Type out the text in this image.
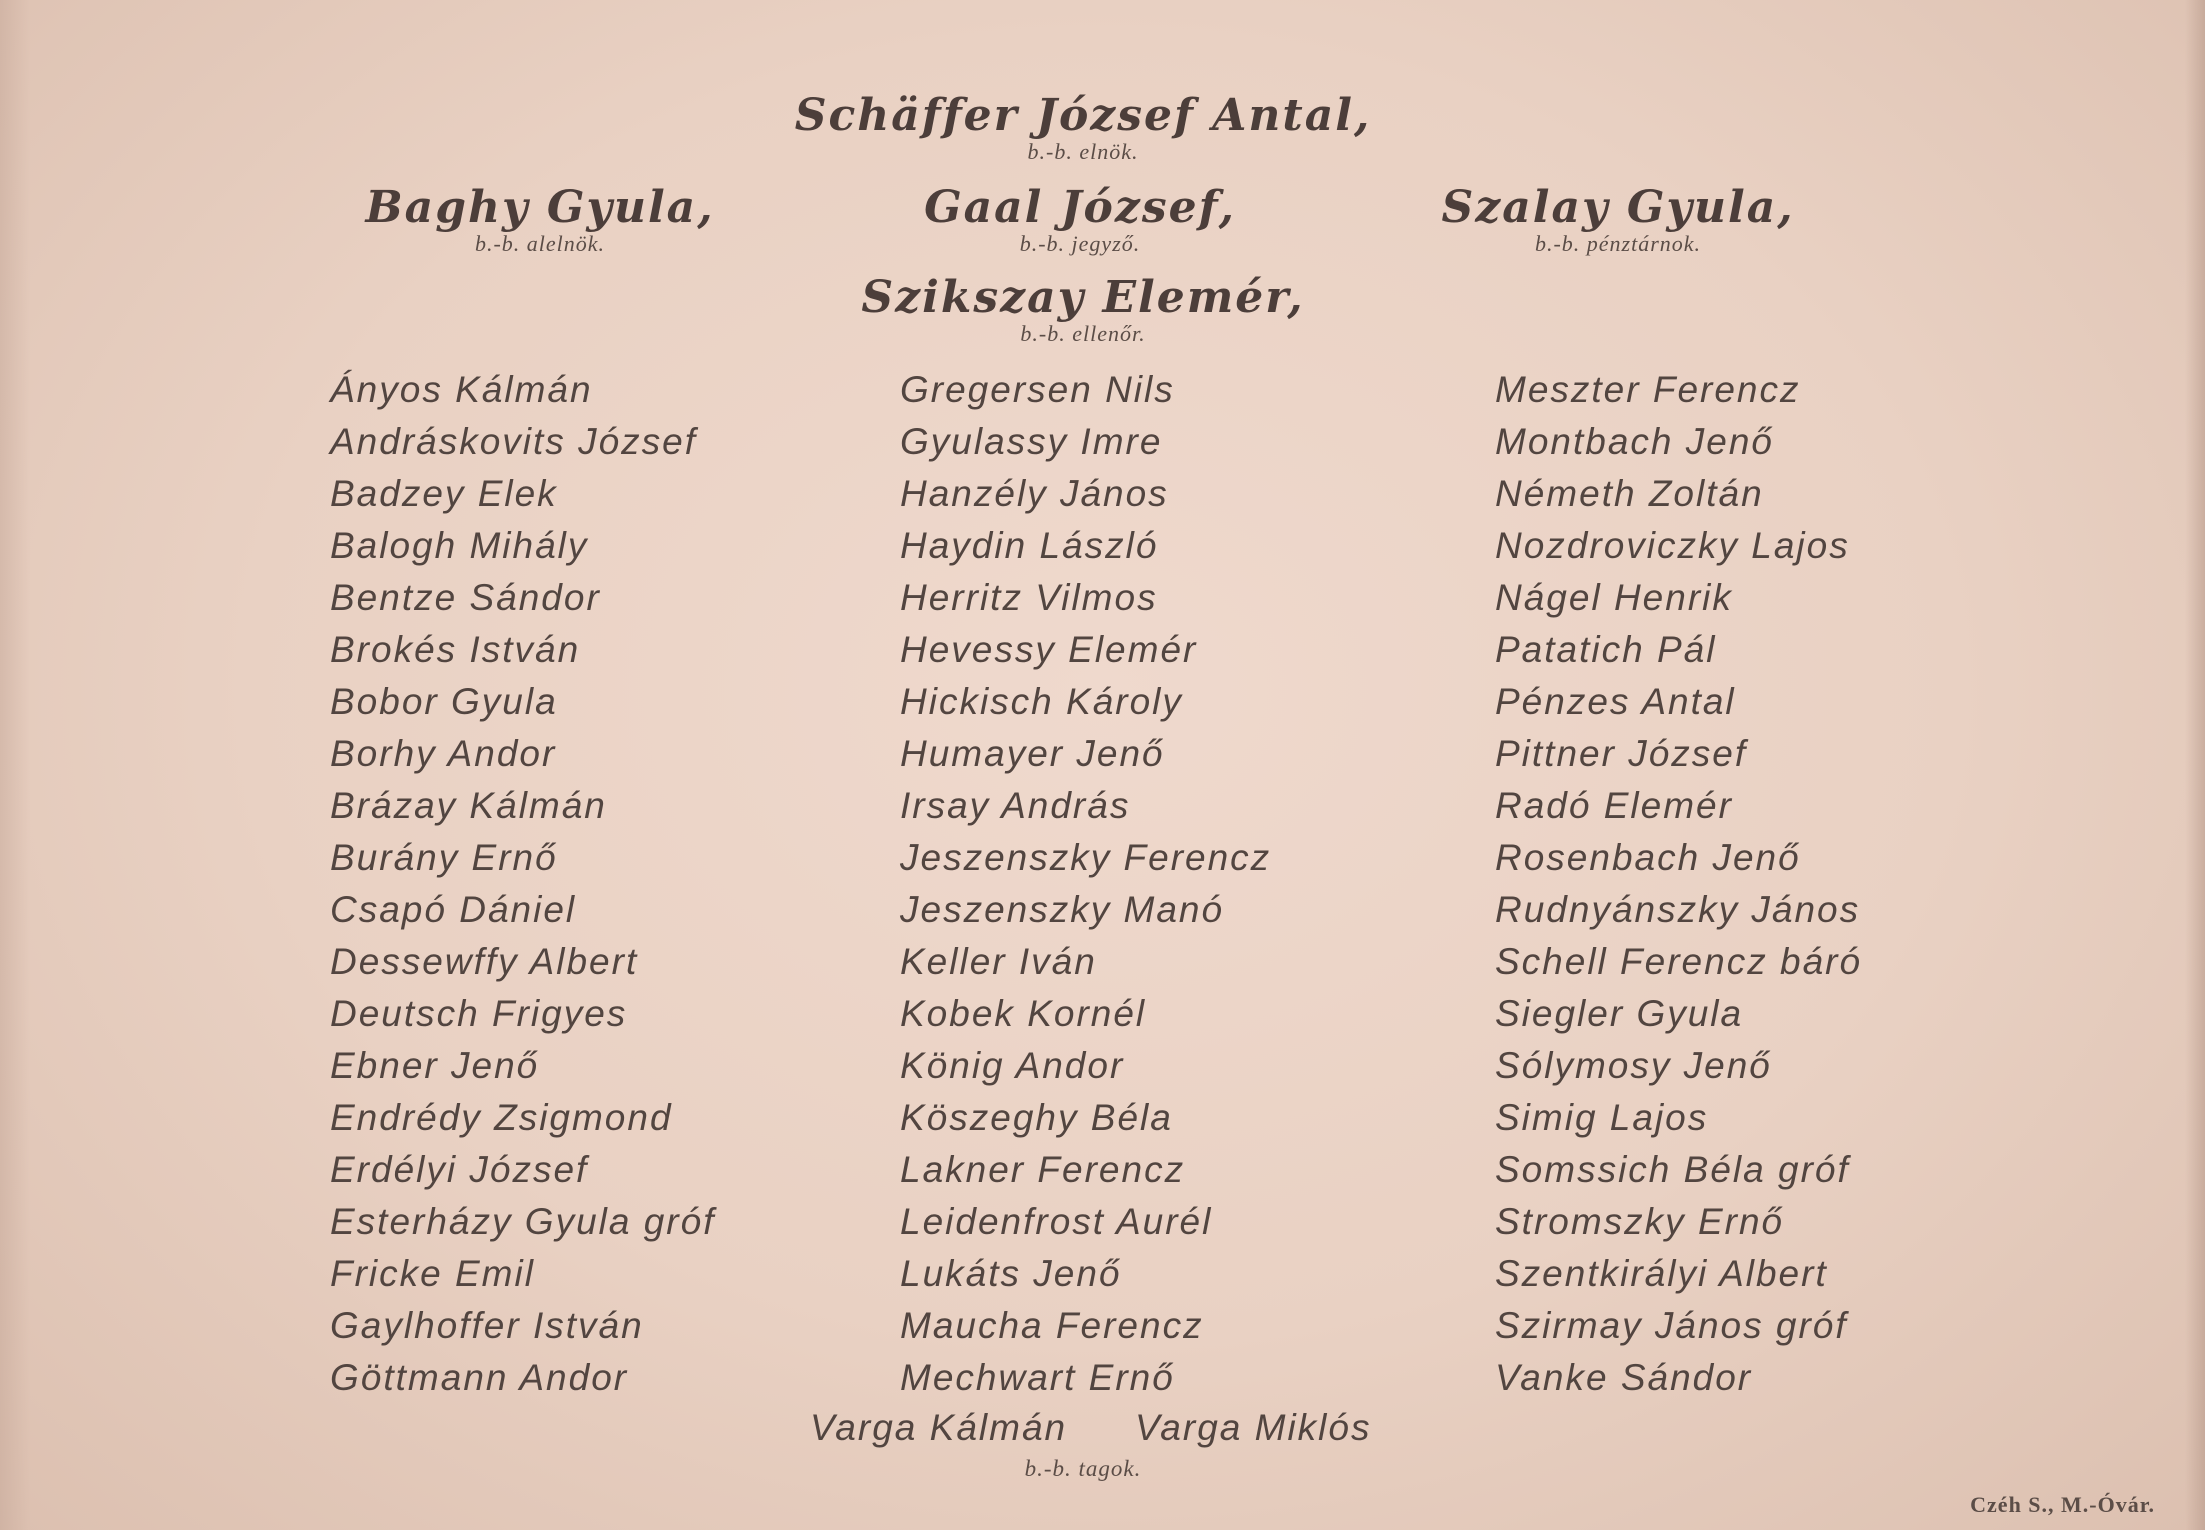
Schäffer József Antal,
b.-b. elnök.
Baghy Gyula,
b.-b. alelnök.
Gaal József,
b.-b. jegyző.
Szalay Gyula,
b.-b. pénztárnok.
Szikszay Elemér,
b.-b. ellenőr.
Ányos Kálmán
Andráskovits József
Badzey Elek
Balogh Mihály
Bentze Sándor
Brokés István
Bobor Gyula
Borhy Andor
Brázay Kálmán
Burány Ernő
Csapó Dániel
Dessewffy Albert
Deutsch Frigyes
Ebner Jenő
Endrédy Zsigmond
Erdélyi József
Esterházy Gyula gróf
Fricke Emil
Gaylhoffer István
Göttmann Andor
Gregersen Nils
Gyulassy Imre
Hanzély János
Haydin László
Herritz Vilmos
Hevessy Elemér
Hickisch Károly
Humayer Jenő
Irsay András
Jeszenszky Ferencz
Jeszenszky Manó
Keller Iván
Kobek Kornél
König Andor
Köszeghy Béla
Lakner Ferencz
Leidenfrost Aurél
Lukáts Jenő
Maucha Ferencz
Mechwart Ernő
Meszter Ferencz
Montbach Jenő
Németh Zoltán
Nozdroviczky Lajos
Nágel Henrik
Patatich Pál
Pénzes Antal
Pittner József
Radó Elemér
Rosenbach Jenő
Rudnyánszky János
Schell Ferencz báró
Siegler Gyula
Sólymosy Jenő
Simig Lajos
Somssich Béla gróf
Stromszky Ernő
Szentkirályi Albert
Szirmay János gróf
Vanke Sándor
Varga Kálmán Varga Miklós
b.-b. tagok.
Czéh S., M.-Óvár.
